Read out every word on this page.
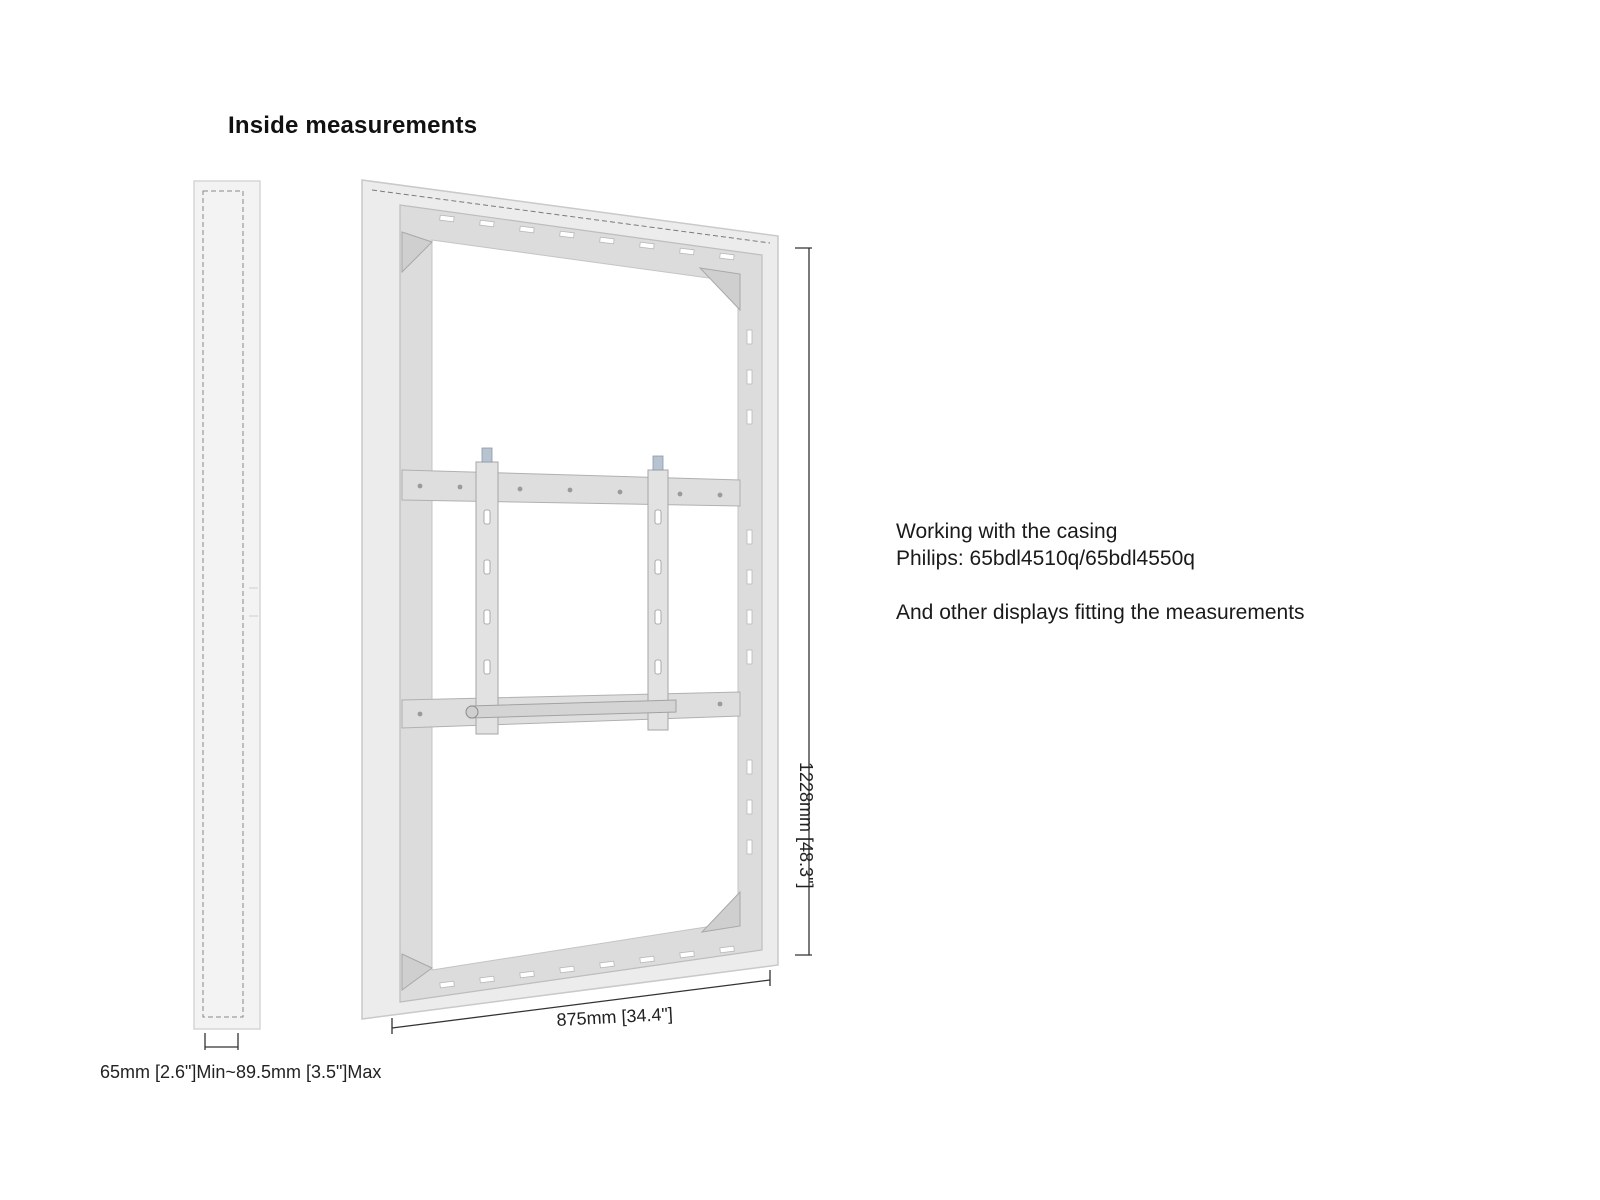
Inside measurements
65mm [2.6"]Min~89.5mm [3.5"]Max
875mm [34.4"]
1228mm [48.3"]
Working with the casing
Philips: 65bdl4510q/65bdl4550q
And other displays fitting the measurements
